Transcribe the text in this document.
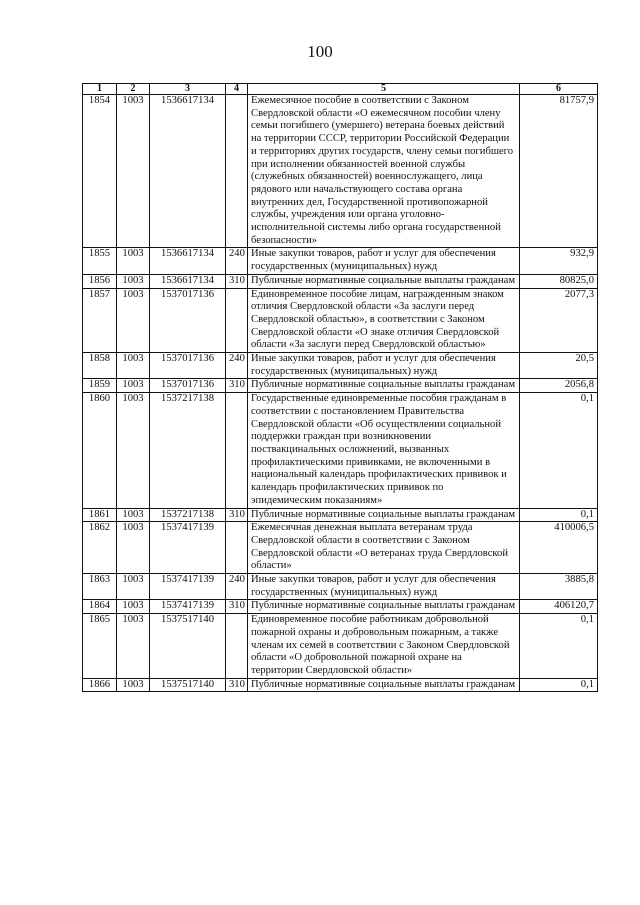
100
1	2	3	4	5	6
1854	1003	1536617134		Ежемесячное пособие в соответствии с Законом Свердловской области «О ежемесячном пособии члену семьи погибшего (умершего) ветерана боевых действий на территории СССР, территории Российской Федерации и территориях других государств, члену семьи погибшего при исполнении обязанностей военной службы (служебных обязанностей) военнослужащего, лица рядового или начальствующего состава органа внутренних дел, Государственной противопожарной службы, учреждения или органа уголовно-исполнительной системы либо органа государственной безопасности»	81757,9
1855	1003	1536617134	240	Иные закупки товаров, работ и услуг для обеспечения государственных (муниципальных) нужд	932,9
1856	1003	1536617134	310	Публичные нормативные социальные выплаты гражданам	80825,0
1857	1003	1537017136		Единовременное пособие лицам, награжденным знаком отличия Свердловской области «За заслуги перед Свердловской областью», в соответствии с Законом Свердловской области «О знаке отличия Свердловской области «За заслуги перед Свердловской областью»	2077,3
1858	1003	1537017136	240	Иные закупки товаров, работ и услуг для обеспечения государственных (муниципальных) нужд	20,5
1859	1003	1537017136	310	Публичные нормативные социальные выплаты гражданам	2056,8
1860	1003	1537217138		Государственные единовременные пособия гражданам в соответствии с постановлением Правительства Свердловской области «Об осуществлении социальной поддержки граждан при возникновении поствакцинальных осложнений, вызванных профилактическими прививками, не включенными в национальный календарь профилактических прививок и календарь профилактических прививок по эпидемическим показаниям»	0,1
1861	1003	1537217138	310	Публичные нормативные социальные выплаты гражданам	0,1
1862	1003	1537417139		Ежемесячная денежная выплата ветеранам труда Свердловской области в соответствии с Законом Свердловской области «О ветеранах труда Свердловской области»	410006,5
1863	1003	1537417139	240	Иные закупки товаров, работ и услуг для обеспечения государственных (муниципальных) нужд	3885,8
1864	1003	1537417139	310	Публичные нормативные социальные выплаты гражданам	406120,7
1865	1003	1537517140		Единовременное пособие работникам добровольной пожарной охраны и добровольным пожарным, а также членам их семей в соответствии с Законом Свердловской области «О добровольной пожарной охране на территории Свердловской области»	0,1
1866	1003	1537517140	310	Публичные нормативные социальные выплаты гражданам	0,1
